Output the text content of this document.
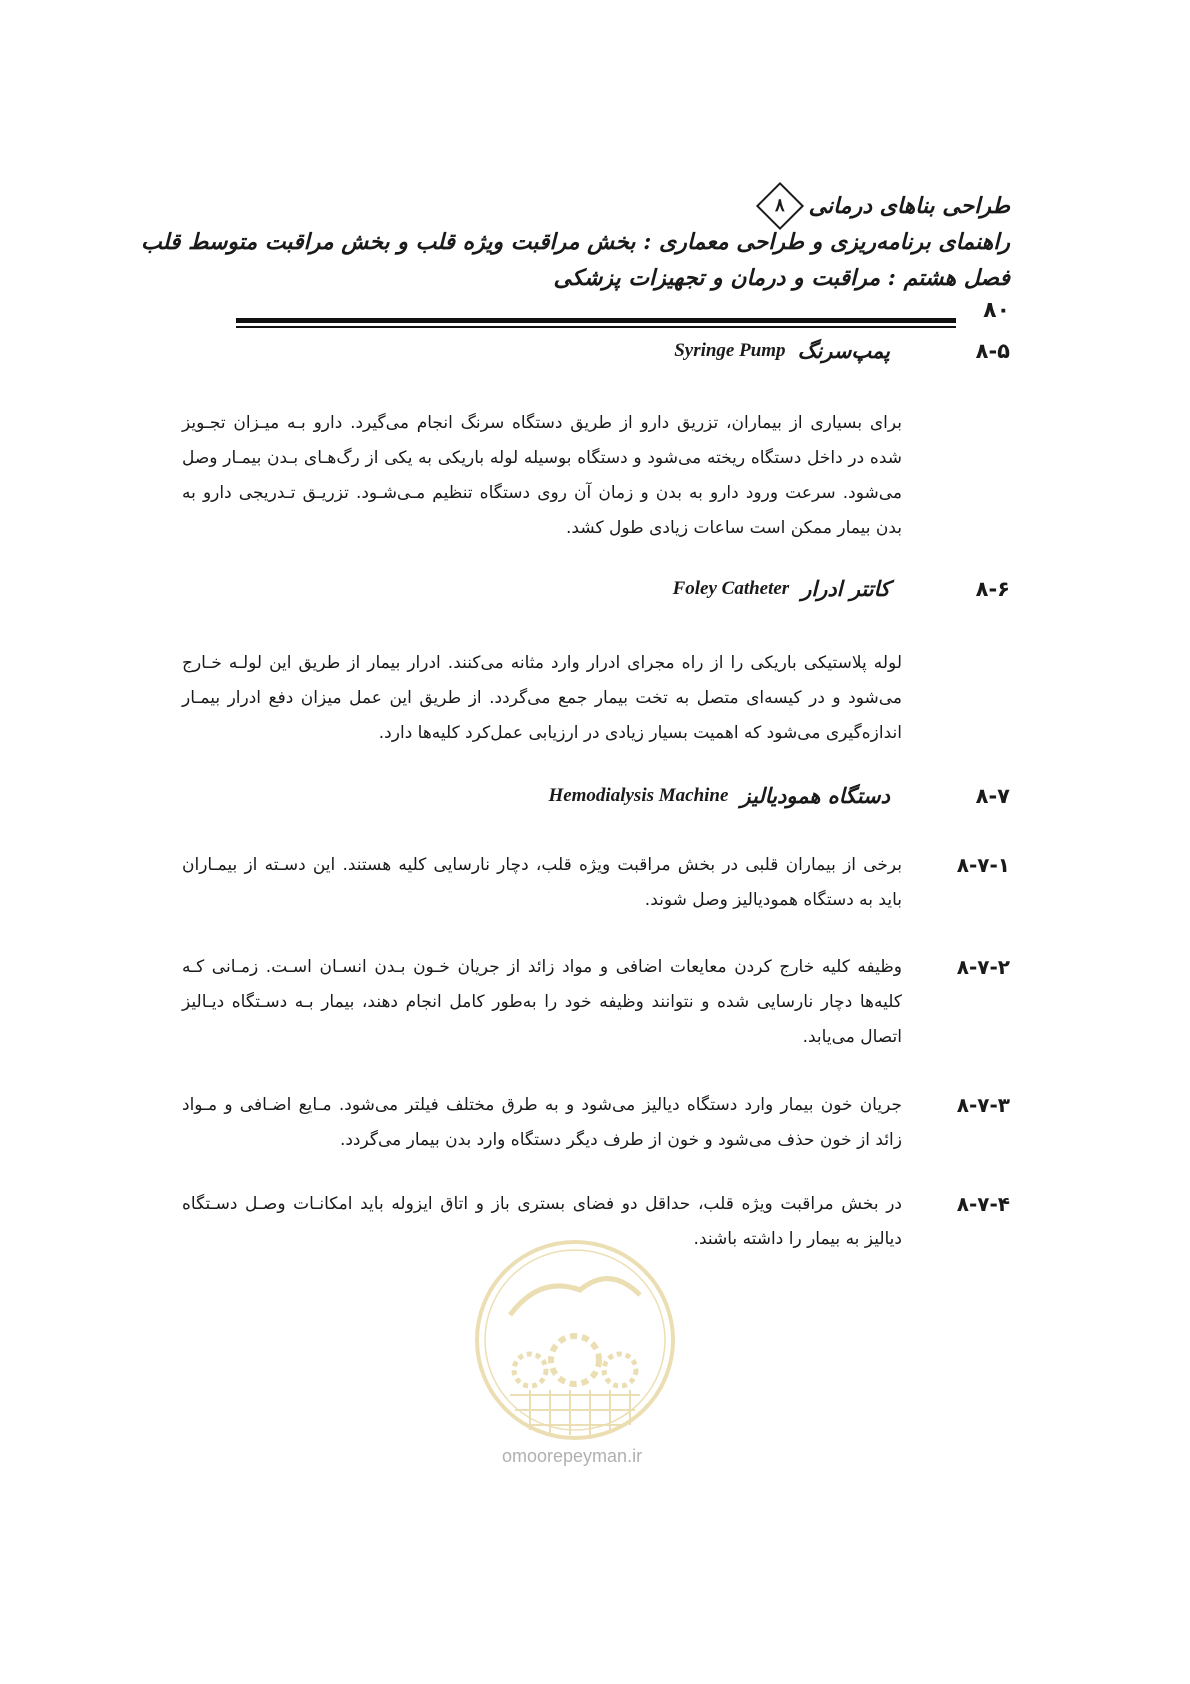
طراحی بناهای درمانی
۸
راهنمای برنامه‌ریزی و طراحی معماری : بخش مراقبت ویژه قلب و بخش مراقبت متوسط قلب
فصل هشتم : مراقبت و درمان و تجهیزات پزشکی
۸۰
۸-۵
پمپ‌سرنگ
Syringe Pump
برای بسیاری از بیماران، تزریق دارو از طریق دستگاه سرنگ انجام می‌گیرد. دارو بـه میـزان تجـویز شده در داخل دستگاه ریخته می‌شود و دستگاه بوسیله لوله باریکی به یکی از رگ‌هـای بـدن بیمـار وصل می‌شود. سرعت ورود دارو به بدن و زمان آن روی دستگاه تنظیم مـی‌شـود. تزریـق تـدریجی دارو به بدن بیمار ممکن است ساعات زیادی طول کشد.
۸-۶
کاتتر ادرار
Foley Catheter
لوله پلاستیکی باریکی را از راه مجرای ادرار وارد مثانه می‌کنند. ادرار بیمار از طریق این لولـه خـارج می‌شود و در کیسه‌ای متصل به تخت بیمار جمع می‌گردد. از طریق این عمل میزان دفع ادرار بیمـار اندازه‌گیری می‌شود که اهمیت بسیار زیادی در ارزیابی عمل‌کرد کلیه‌ها دارد.
۸-۷
دستگاه همودیالیز
Hemodialysis Machine
۸-۷-۱
برخی از بیماران قلبی در بخش مراقبت ویژه قلب، دچار نارسایی کلیه هستند. این دسـته از بیمـاران باید به دستگاه همودیالیز وصل شوند.
۸-۷-۲
وظیفه کلیه خارج کردن معایعات اضافی و مواد زائد از جریان خـون بـدن انسـان اسـت. زمـانی کـه کلیه‌ها دچار نارسایی شده و نتوانند وظیفه خود را به‌طور کامل انجام دهند، بیمار بـه دسـتگاه دیـالیز اتصال می‌یابد.
۸-۷-۳
جریان خون بیمار وارد دستگاه دیالیز می‌شود و به طرق مختلف فیلتر می‌شود. مـایع اضـافی و مـواد زائد از خون حذف می‌شود و خون از طرف دیگر دستگاه وارد بدن بیمار می‌گردد.
۸-۷-۴
در بخش مراقبت ویژه قلب، حداقل دو فضای بستری باز و اتاق ایزوله باید امکانـات وصـل دسـتگاه دیالیز به بیمار را داشته باشند.
omoorepeyman.ir
